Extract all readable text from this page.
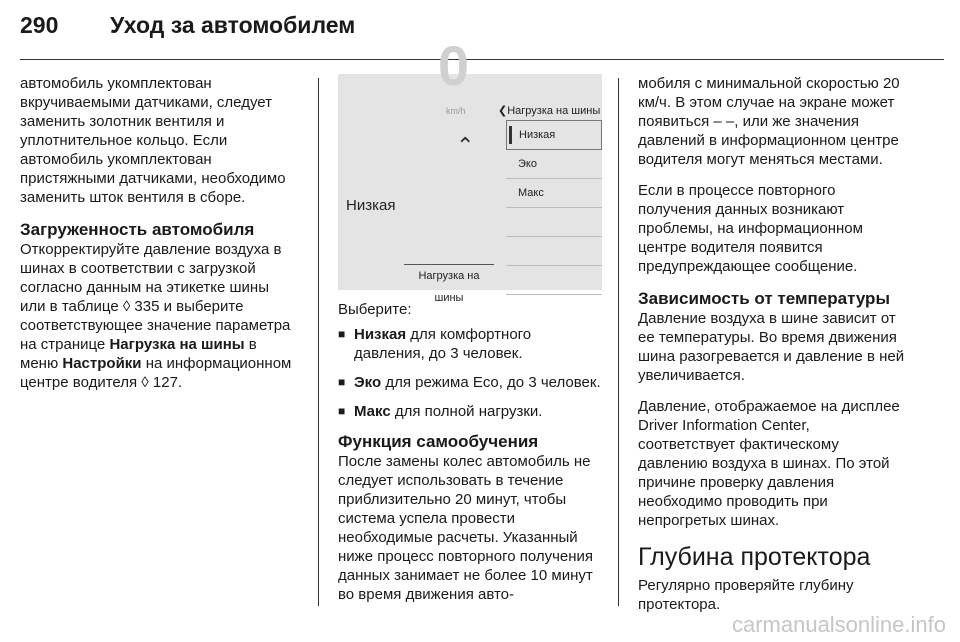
290 Уход за автомобилем

автомобиль укомплектован вкручиваемыми датчиками, следует заменить золотник вентиля и уплотнительное кольцо. Если автомобиль укомплектован пристяжными датчиками, необходимо заменить шток вентиля в сборе.

Загруженность автомобиля

Откорректируйте давление воздуха в шинах в соответствии с загрузкой согласно данным на этикетке шины или в таблице ◊ 335 и выберите соответствующее значение параметра на странице Нагрузка на шины в меню Настройки на информационном центре водителя ◊ 127.

0
km/h
⌃
Низкая
Нагрузка на шины
❮Нагрузка на шины
Низкая
Эко
Макс

Выберите:

■ Низкая для комфортного давления, до 3 человек.

■ Эко для режима Eco, до 3 человек.

■ Макс для полной нагрузки.

Функция самообучения

После замены колес автомобиль не следует использовать в течение приблизительно 20 минут, чтобы система успела провести необходимые расчеты. Указанный ниже процесс повторного получения данных занимает не более 10 минут во время движения авто-

мобиля с минимальной скоростью 20 км/ч. В этом случае на экране может появиться – –, или же значения давлений в информационном центре водителя могут меняться местами.

Если в процессе повторного получения данных возникают проблемы, на информационном центре водителя появится предупреждающее сообщение.

Зависимость от температуры

Давление воздуха в шине зависит от ее температуры. Во время движения шина разогревается и давление в ней увеличивается.

Давление, отображаемое на дисплее Driver Information Center, соответствует фактическому давлению воздуха в шинах. По этой причине проверку давления необходимо проводить при непрогретых шинах.

Глубина протектора

Регулярно проверяйте глубину протектора.

carmanualsonline.info
